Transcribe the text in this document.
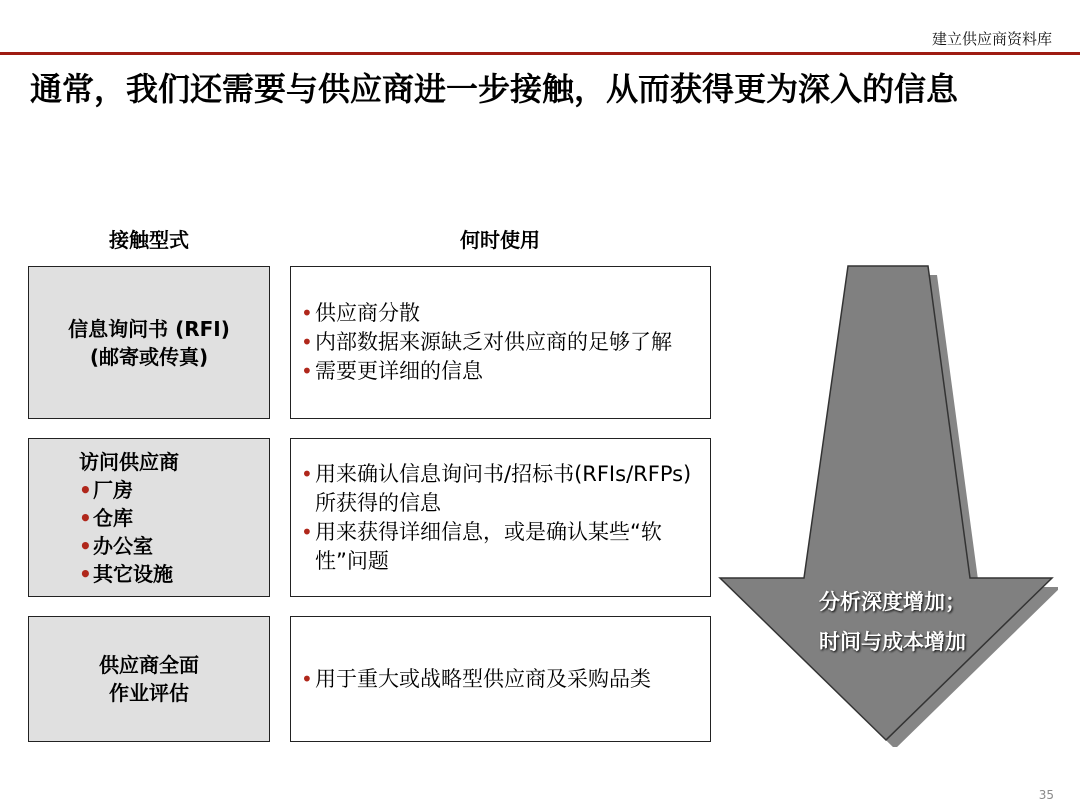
建立供应商资料库
通常，我们还需要与供应商进一步接触，从而获得更为深入的信息
接触型式	何时使用
信息询问书 (RFI)
(邮寄或传真)
• 供应商分散
• 内部数据来源缺乏对供应商的足够了解
• 需要更详细的信息
访问供应商
• 厂房
• 仓库
• 办公室
• 其它设施
• 用来确认信息询问书/招标书(RFIs/RFPs)所获得的信息
• 用来获得详细信息，或是确认某些“软性”问题
供应商全面
作业评估
• 用于重大或战略型供应商及采购品类
分析深度增加；
时间与成本增加
35
